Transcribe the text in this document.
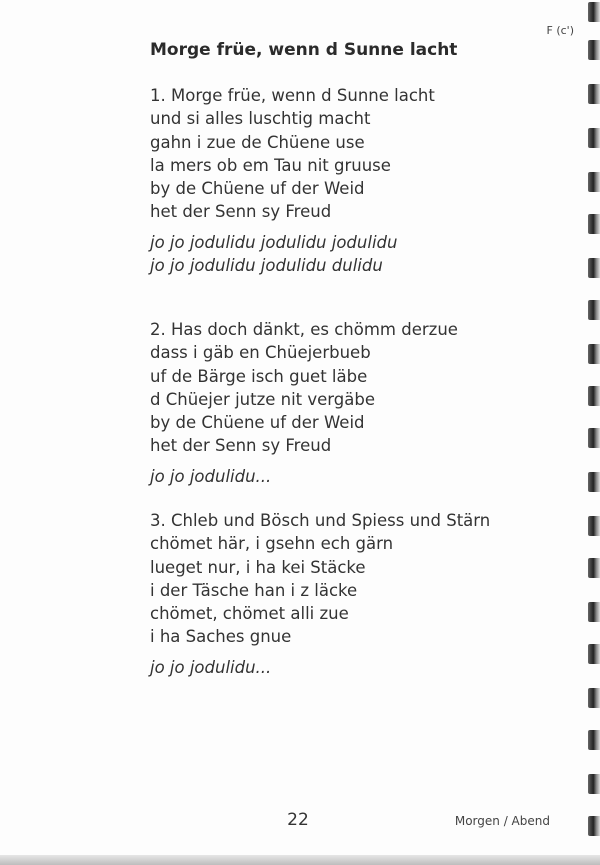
F (c')
Morge früe, wenn d Sunne lacht
1. Morge früe, wenn d Sunne lacht
und si alles luschtig macht
gahn i zue de Chüene use
la mers ob em Tau nit gruuse
by de Chüene uf der Weid
het der Senn sy Freud
jo jo jodulidu jodulidu jodulidu
jo jo jodulidu jodulidu dulidu
2. Has doch dänkt, es chömm derzue
dass i gäb en Chüejerbueb
uf de Bärge isch guet läbe
d Chüejer jutze nit vergäbe
by de Chüene uf der Weid
het der Senn sy Freud
jo jo jodulidu...
3. Chleb und Bösch und Spiess und Stärn
chömet här, i gsehn ech gärn
lueget nur, i ha kei Stäcke
i der Täsche han i z läcke
chömet, chömet alli zue
i ha Saches gnue
jo jo jodulidu...
22	Morgen / Abend
